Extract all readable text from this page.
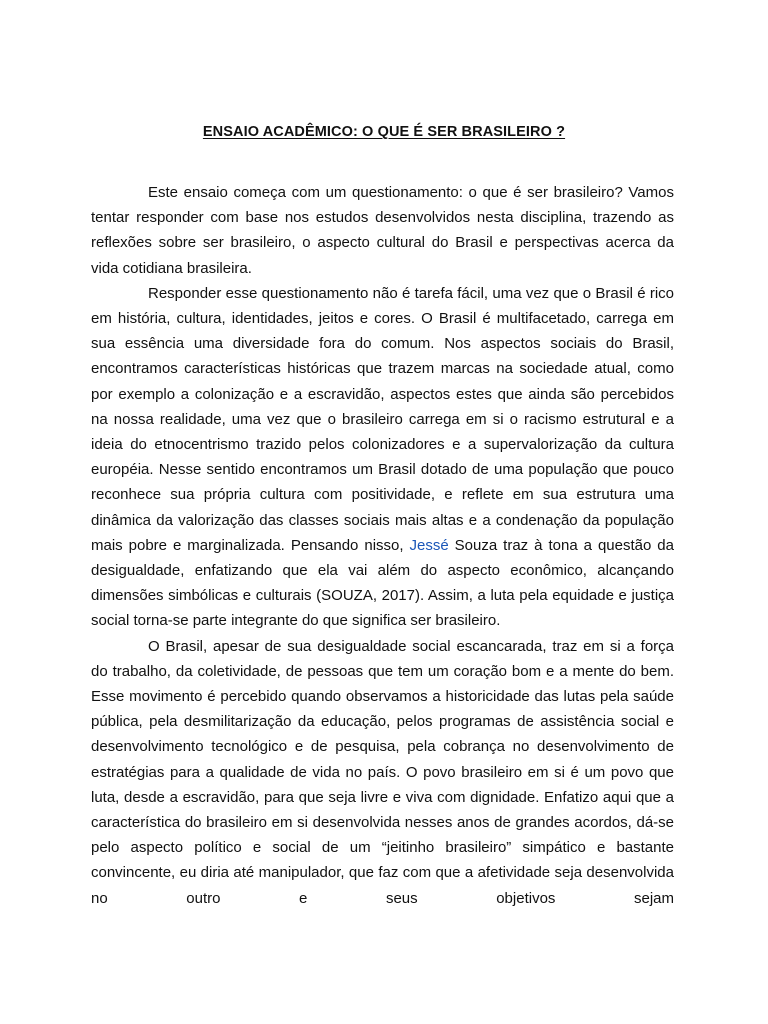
ENSAIO ACADÊMICO: O QUE É SER BRASILEIRO ?

Este ensaio começa com um questionamento: o que é ser brasileiro? Vamos tentar responder com base nos estudos desenvolvidos nesta disciplina, trazendo as reflexões sobre ser brasileiro, o aspecto cultural do Brasil e perspectivas acerca da vida cotidiana brasileira.

Responder esse questionamento não é tarefa fácil, uma vez que o Brasil é rico em história, cultura, identidades, jeitos e cores. O Brasil é multifacetado, carrega em sua essência uma diversidade fora do comum. Nos aspectos sociais do Brasil, encontramos características históricas que trazem marcas na sociedade atual, como por exemplo a colonização e a escravidão, aspectos estes que ainda são percebidos na nossa realidade, uma vez que o brasileiro carrega em si o racismo estrutural e a ideia do etnocentrismo trazido pelos colonizadores e a supervalorização da cultura européia. Nesse sentido encontramos um Brasil dotado de uma população que pouco reconhece sua própria cultura com positividade, e reflete em sua estrutura uma dinâmica da valorização das classes sociais mais altas e a condenação da população mais pobre e marginalizada. Pensando nisso, Jessé Souza traz à tona a questão da desigualdade, enfatizando que ela vai além do aspecto econômico, alcançando dimensões simbólicas e culturais (SOUZA, 2017). Assim, a luta pela equidade e justiça social torna-se parte integrante do que significa ser brasileiro.

O Brasil, apesar de sua desigualdade social escancarada, traz em si a força do trabalho, da coletividade, de pessoas que tem um coração bom e a mente do bem. Esse movimento é percebido quando observamos a historicidade das lutas pela saúde pública, pela desmilitarização da educação, pelos programas de assistência social e desenvolvimento tecnológico e de pesquisa, pela cobrança no desenvolvimento de estratégias para a qualidade de vida no país. O povo brasileiro em si é um povo que luta, desde a escravidão, para que seja livre e viva com dignidade. Enfatizo aqui que a característica do brasileiro em si desenvolvida nesses anos de grandes acordos, dá-se pelo aspecto político e social de um “jeitinho brasileiro” simpático e bastante convincente, eu diria até manipulador, que faz com que a afetividade seja desenvolvida no outro e seus objetivos sejam
